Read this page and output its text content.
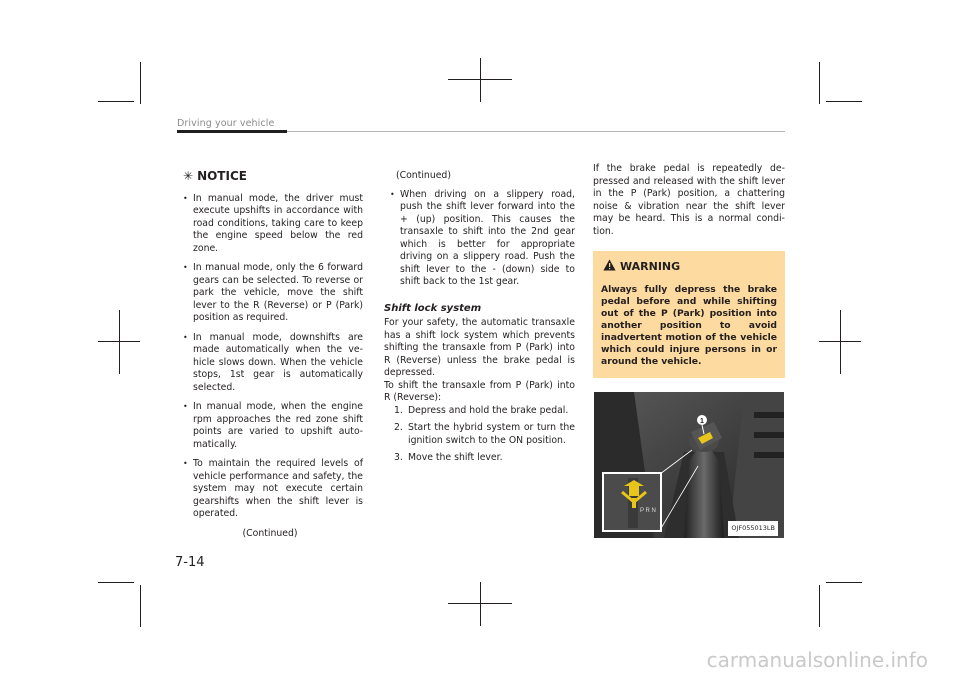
Driving your vehicle
✳ NOTICE
• In manual mode, the driver must execute upshifts in accordance with road conditions, taking care to keep the engine speed below the red zone.
• In manual mode, only the 6 forward gears can be selected. To reverse or park the vehicle, move the shift lever to the R (Reverse) or P (Park) position as required.
• In manual mode, downshifts are made automatically when the vehicle slows down. When the vehicle stops, 1st gear is automatically selected.
• In manual mode, when the engine rpm approaches the red zone shift points are varied to upshift automatically.
• To maintain the required levels of vehicle performance and safety, the system may not execute certain gearshifts when the shift lever is operated.
(Continued)
(Continued)
• When driving on a slippery road, push the shift lever forward into the + (up) position. This causes the transaxle to shift into the 2nd gear which is better for appropriate driving on a slippery road. Push the shift lever to the - (down) side to shift back to the 1st gear.
Shift lock system

For your safety, the automatic transaxle has a shift lock system which prevents shifting the transaxle from P (Park) into R (Reverse) unless the brake pedal is depressed.

To shift the transaxle from P (Park) into R (Reverse):

1. Depress and hold the brake pedal.
2. Start the hybrid system or turn the ignition switch to the ON position.
3. Move the shift lever.

If the brake pedal is repeatedly depressed and released with the shift lever in the P (Park) position, a chattering noise & vibration near the shift lever may be heard. This is a normal condition.

WARNING
Always fully depress the brake pedal before and while shifting out of the P (Park) position into another position to avoid inadvertent motion of the vehicle which could injure persons in or around the vehicle.
1
P R N
OJF055013LB
7-14
carmanualsonline.info
